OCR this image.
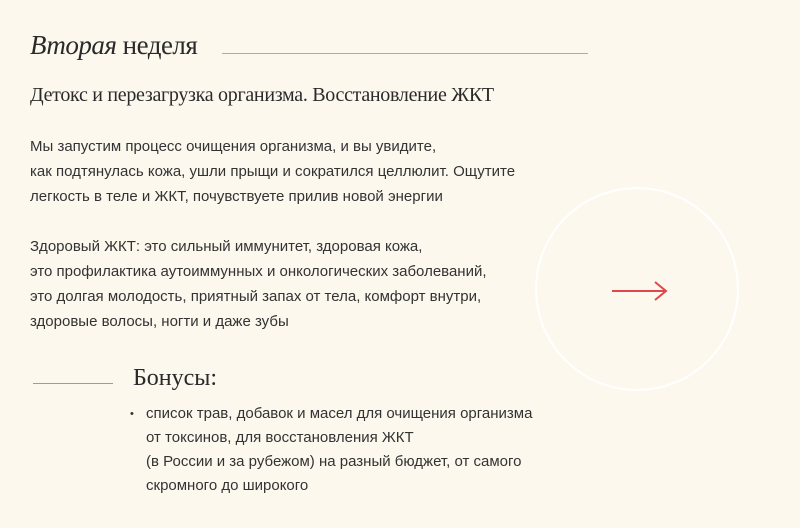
Вторая неделя
Детокс и перезагрузка организма. Восстановление ЖКТ
Мы запустим процесс очищения организма, и вы увидите,
как подтянулась кожа, ушли прыщи и сократился целлюлит. Ощутите
легкость в теле и ЖКТ, почувствуете прилив новой энергии
Здоровый ЖКТ: это сильный иммунитет, здоровая кожа,
это профилактика аутоиммунных и онкологических заболеваний,
это долгая молодость, приятный запах от тела, комфорт внутри,
здоровые волосы, ногти и даже зубы
Бонусы:
• список трав, добавок и масел для очищения организма
от токсинов, для восстановления ЖКТ
(в России и за рубежом) на разный бюджет, от самого
скромного до широкого
